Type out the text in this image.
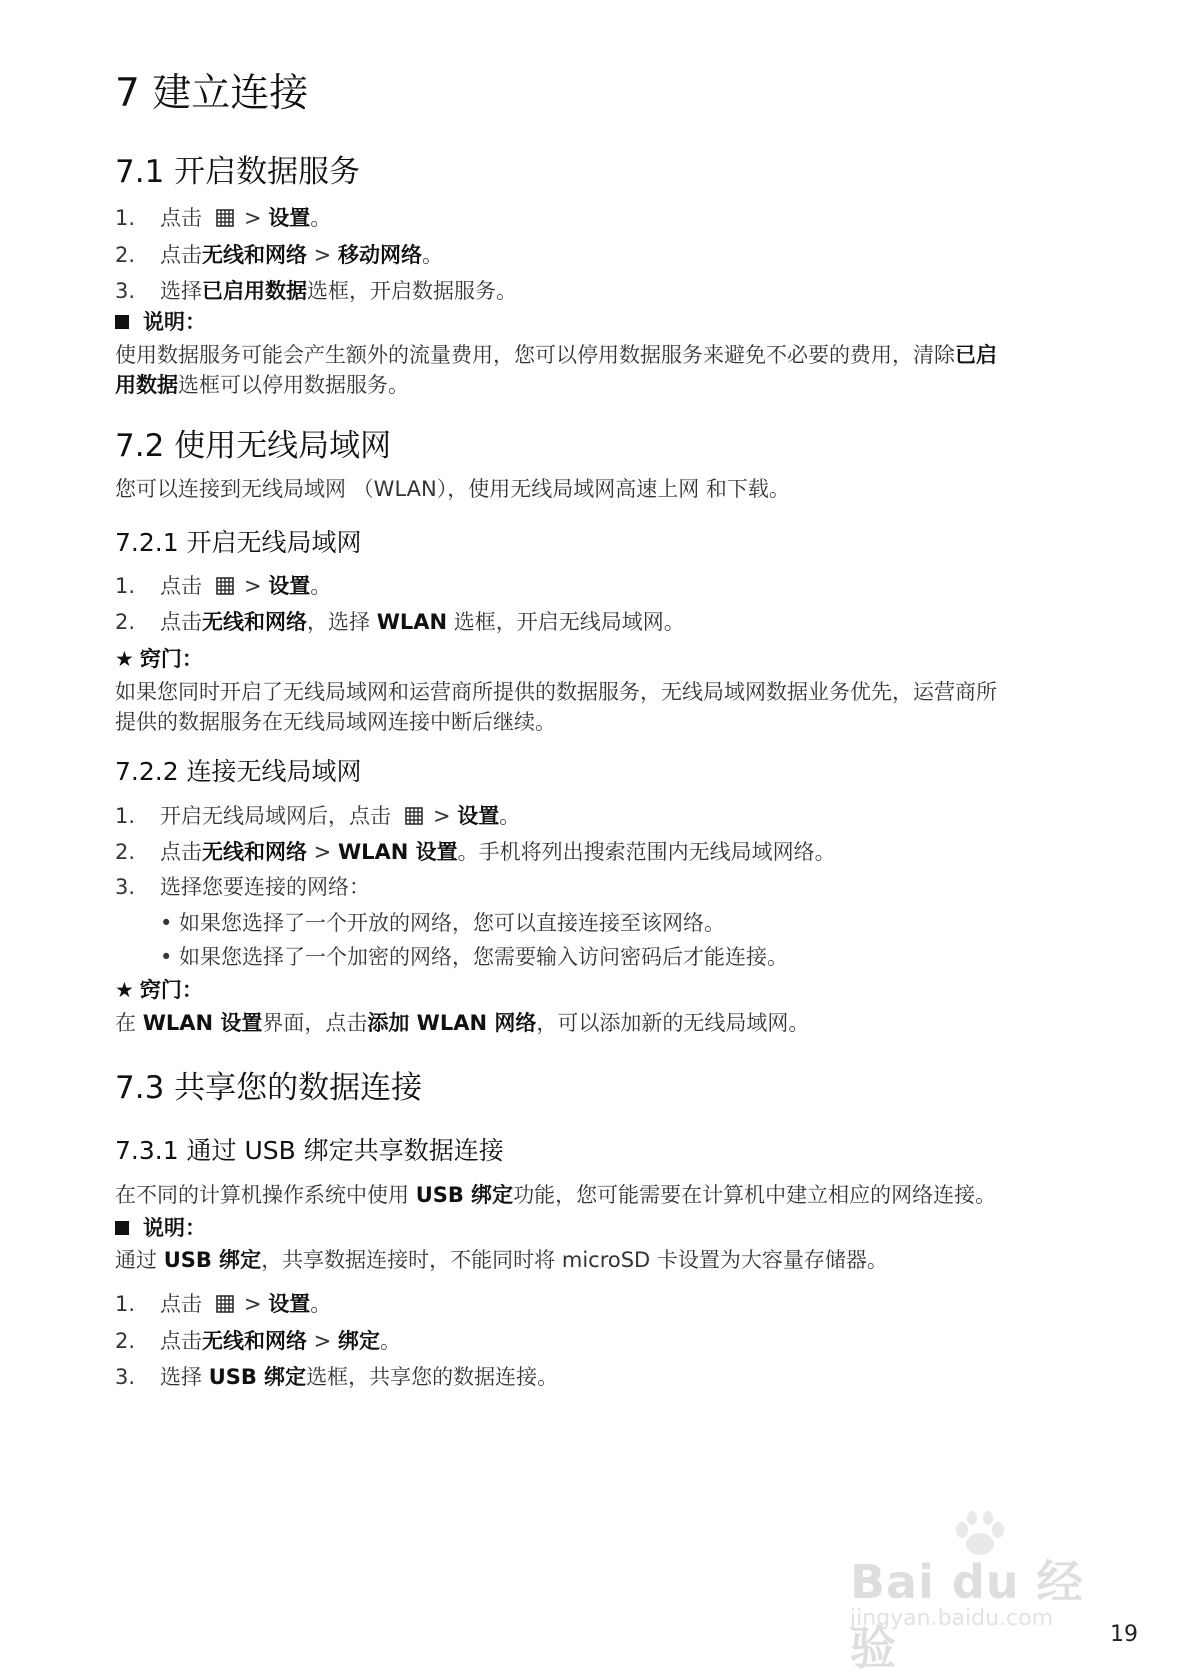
7 建立连接
7.1 开启数据服务
1. 点击 > 设置。
2. 点击无线和网络 > 移动网络。
3. 选择已启用数据选框，开启数据服务。
说明：
使用数据服务可能会产生额外的流量费用，您可以停用数据服务来避免不必要的费用，清除已启
用数据选框可以停用数据服务。
7.2 使用无线局域网
您可以连接到无线局域网 （WLAN），使用无线局域网高速上网 和下载。
7.2.1 开启无线局域网
1. 点击 > 设置。
2. 点击无线和网络，选择 WLAN 选框，开启无线局域网。
★ 窍门：
如果您同时开启了无线局域网和运营商所提供的数据服务，无线局域网数据业务优先，运营商所
提供的数据服务在无线局域网连接中断后继续。
7.2.2 连接无线局域网
1. 开启无线局域网后，点击 > 设置。
2. 点击无线和网络 > WLAN 设置。手机将列出搜索范围内无线局域网络。
3. 选择您要连接的网络：
• 如果您选择了一个开放的网络，您可以直接连接至该网络。
• 如果您选择了一个加密的网络，您需要输入访问密码后才能连接。
★ 窍门：
在 WLAN 设置界面，点击添加 WLAN 网络，可以添加新的无线局域网。
7.3 共享您的数据连接
7.3.1 通过 USB 绑定共享数据连接
在不同的计算机操作系统中使用 USB 绑定功能，您可能需要在计算机中建立相应的网络连接。
说明：
通过 USB 绑定，共享数据连接时，不能同时将 microSD 卡设置为大容量存储器。
1. 点击 > 设置。
2. 点击无线和网络 > 绑定。
3. 选择 USB 绑定选框，共享您的数据连接。
Bai du 经验
jingyan.baidu.com
19
